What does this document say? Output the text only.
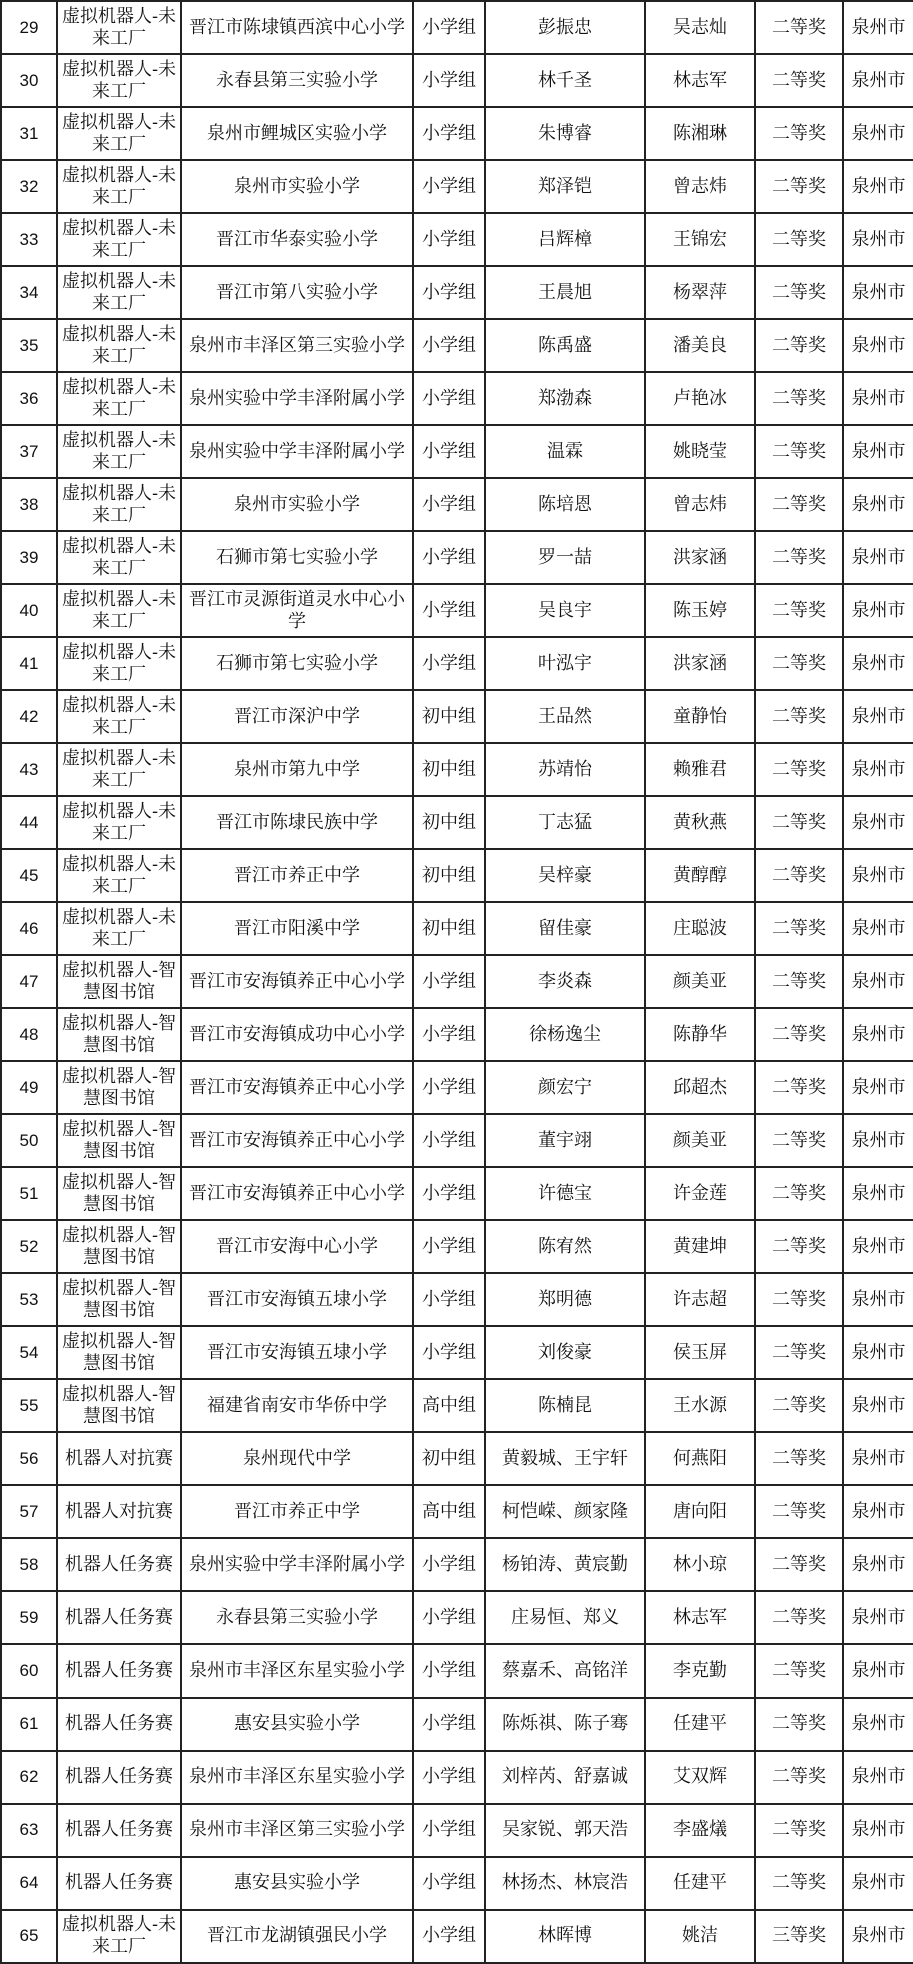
29	虚拟机器人-未来工厂	晋江市陈埭镇西滨中心小学	小学组	彭振忠	吴志灿	二等奖	泉州市

30	虚拟机器人-未来工厂	永春县第三实验小学	小学组	林千圣	林志军	二等奖	泉州市

31	虚拟机器人-未来工厂	泉州市鲤城区实验小学	小学组	朱博睿	陈湘琳	二等奖	泉州市

32	虚拟机器人-未来工厂	泉州市实验小学	小学组	郑泽铠	曾志炜	二等奖	泉州市

33	虚拟机器人-未来工厂	晋江市华泰实验小学	小学组	吕辉樟	王锦宏	二等奖	泉州市

34	虚拟机器人-未来工厂	晋江市第八实验小学	小学组	王晨旭	杨翠萍	二等奖	泉州市

35	虚拟机器人-未来工厂	泉州市丰泽区第三实验小学	小学组	陈禹盛	潘美良	二等奖	泉州市

36	虚拟机器人-未来工厂	泉州实验中学丰泽附属小学	小学组	郑渤森	卢艳冰	二等奖	泉州市

37	虚拟机器人-未来工厂	泉州实验中学丰泽附属小学	小学组	温霖	姚晓莹	二等奖	泉州市

38	虚拟机器人-未来工厂	泉州市实验小学	小学组	陈培恩	曾志炜	二等奖	泉州市

39	虚拟机器人-未来工厂	石狮市第七实验小学	小学组	罗一喆	洪家涵	二等奖	泉州市

40	虚拟机器人-未来工厂	晋江市灵源街道灵水中心小学	小学组	吴良宇	陈玉婷	二等奖	泉州市

41	虚拟机器人-未来工厂	石狮市第七实验小学	小学组	叶泓宇	洪家涵	二等奖	泉州市

42	虚拟机器人-未来工厂	晋江市深沪中学	初中组	王品然	童静怡	二等奖	泉州市

43	虚拟机器人-未来工厂	泉州市第九中学	初中组	苏靖怡	赖雅君	二等奖	泉州市

44	虚拟机器人-未来工厂	晋江市陈埭民族中学	初中组	丁志猛	黄秋燕	二等奖	泉州市

45	虚拟机器人-未来工厂	晋江市养正中学	初中组	吴梓豪	黄醇醇	二等奖	泉州市

46	虚拟机器人-未来工厂	晋江市阳溪中学	初中组	留佳豪	庄聪波	二等奖	泉州市

47	虚拟机器人-智慧图书馆	晋江市安海镇养正中心小学	小学组	李炎森	颜美亚	二等奖	泉州市

48	虚拟机器人-智慧图书馆	晋江市安海镇成功中心小学	小学组	徐杨逸尘	陈静华	二等奖	泉州市

49	虚拟机器人-智慧图书馆	晋江市安海镇养正中心小学	小学组	颜宏宁	邱超杰	二等奖	泉州市

50	虚拟机器人-智慧图书馆	晋江市安海镇养正中心小学	小学组	董宇翊	颜美亚	二等奖	泉州市

51	虚拟机器人-智慧图书馆	晋江市安海镇养正中心小学	小学组	许德宝	许金莲	二等奖	泉州市

52	虚拟机器人-智慧图书馆	晋江市安海中心小学	小学组	陈宥然	黄建坤	二等奖	泉州市

53	虚拟机器人-智慧图书馆	晋江市安海镇五埭小学	小学组	郑明德	许志超	二等奖	泉州市

54	虚拟机器人-智慧图书馆	晋江市安海镇五埭小学	小学组	刘俊豪	侯玉屏	二等奖	泉州市

55	虚拟机器人-智慧图书馆	福建省南安市华侨中学	高中组	陈楠昆	王水源	二等奖	泉州市

56	机器人对抗赛	泉州现代中学	初中组	黄毅城、王宇轩	何燕阳	二等奖	泉州市

57	机器人对抗赛	晋江市养正中学	高中组	柯恺嵘、颜家隆	唐向阳	二等奖	泉州市

58	机器人任务赛	泉州实验中学丰泽附属小学	小学组	杨铂涛、黄宸勤	林小琼	二等奖	泉州市

59	机器人任务赛	永春县第三实验小学	小学组	庄易恒、郑义	林志军	二等奖	泉州市

60	机器人任务赛	泉州市丰泽区东星实验小学	小学组	蔡嘉禾、高铭洋	李克勤	二等奖	泉州市

61	机器人任务赛	惠安县实验小学	小学组	陈烁祺、陈子骞	任建平	二等奖	泉州市

62	机器人任务赛	泉州市丰泽区东星实验小学	小学组	刘梓芮、舒嘉诚	艾双辉	二等奖	泉州市

63	机器人任务赛	泉州市丰泽区第三实验小学	小学组	吴家锐、郭天浩	李盛燨	二等奖	泉州市

64	机器人任务赛	惠安县实验小学	小学组	林扬杰、林宸浩	任建平	二等奖	泉州市

65	虚拟机器人-未来工厂	晋江市龙湖镇强民小学	小学组	林晖博	姚洁	三等奖	泉州市
